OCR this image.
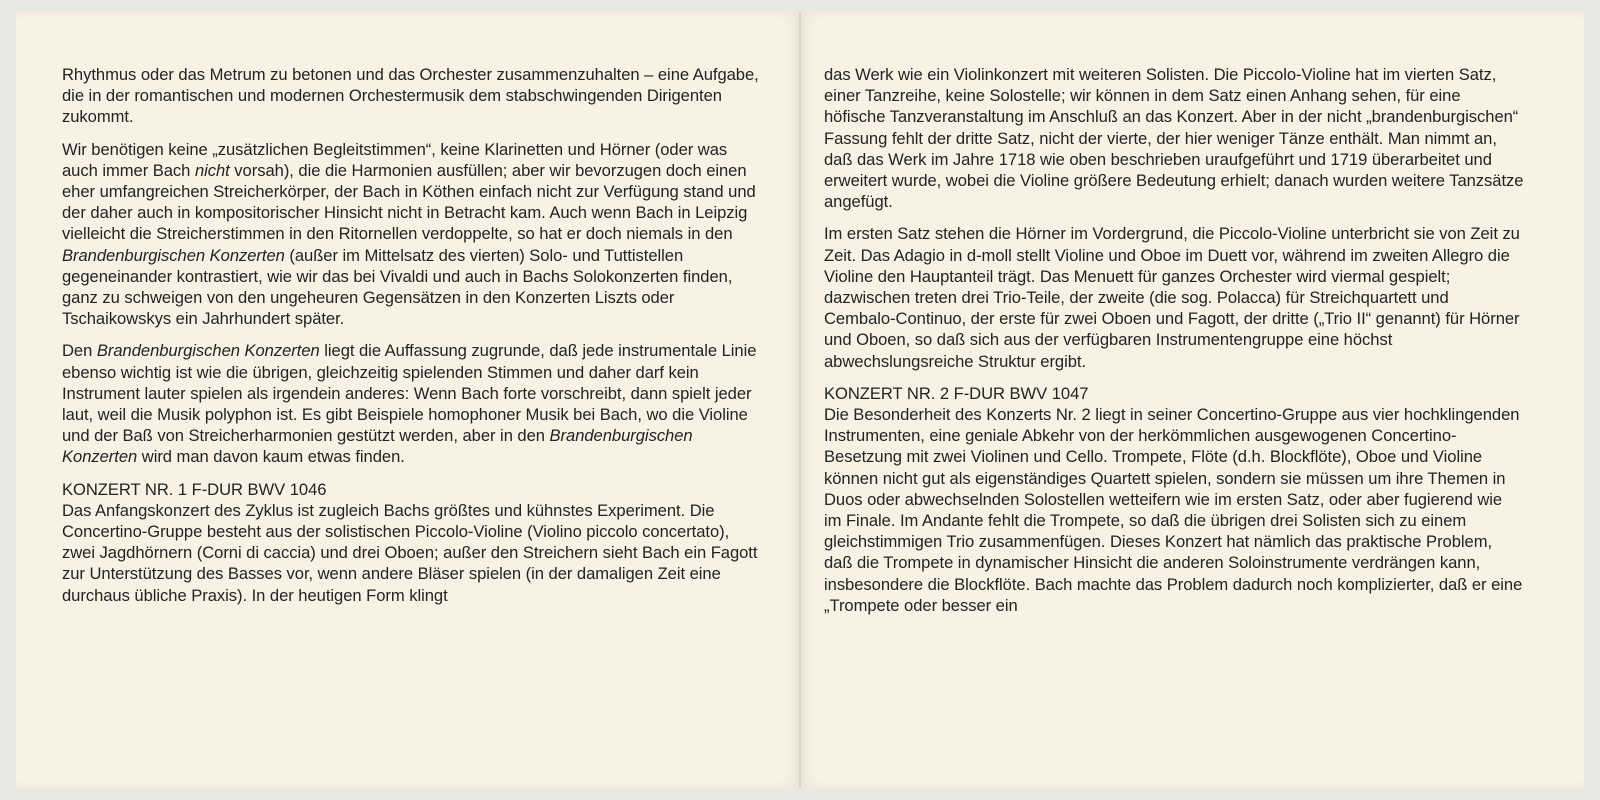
Rhythmus oder das Metrum zu betonen und das Orchester zusammenzuhalten – eine Aufgabe, die in der romantischen und modernen Orchestermusik dem stabschwingenden Dirigenten zukommt.

Wir benötigen keine „zusätzlichen Begleitstimmen“, keine Klarinetten und Hörner (oder was auch immer Bach nicht vorsah), die die Harmonien ausfüllen; aber wir bevorzugen doch einen eher umfangreichen Streicherkörper, der Bach in Köthen einfach nicht zur Verfügung stand und der daher auch in kompositorischer Hinsicht nicht in Betracht kam. Auch wenn Bach in Leipzig vielleicht die Streicherstimmen in den Ritornellen verdoppelte, so hat er doch niemals in den Brandenburgischen Konzerten (außer im Mittelsatz des vierten) Solo- und Tuttistellen gegeneinander kontrastiert, wie wir das bei Vivaldi und auch in Bachs Solokonzerten finden, ganz zu schweigen von den ungeheuren Gegensätzen in den Konzerten Liszts oder Tschaikowskys ein Jahrhundert später.

Den Brandenburgischen Konzerten liegt die Auffassung zugrunde, daß jede instrumentale Linie ebenso wichtig ist wie die übrigen, gleichzeitig spielenden Stimmen und daher darf kein Instrument lauter spielen als irgendein anderes: Wenn Bach forte vorschreibt, dann spielt jeder laut, weil die Musik polyphon ist. Es gibt Beispiele homophoner Musik bei Bach, wo die Violine und der Baß von Streicherharmonien gestützt werden, aber in den Brandenburgischen Konzerten wird man davon kaum etwas finden.

KONZERT NR. 1 F-DUR BWV 1046

Das Anfangskonzert des Zyklus ist zugleich Bachs größtes und kühnstes Experiment. Die Concertino-Gruppe besteht aus der solistischen Piccolo-Violine (Violino piccolo concertato), zwei Jagdhörnern (Corni di caccia) und drei Oboen; außer den Streichern sieht Bach ein Fagott zur Unterstützung des Basses vor, wenn andere Bläser spielen (in der damaligen Zeit eine durchaus übliche Praxis). In der heutigen Form klingt

das Werk wie ein Violinkonzert mit weiteren Solisten. Die Piccolo-Violine hat im vierten Satz, einer Tanzreihe, keine Solostelle; wir können in dem Satz einen Anhang sehen, für eine höfische Tanzveranstaltung im Anschluß an das Konzert. Aber in der nicht „brandenburgischen“ Fassung fehlt der dritte Satz, nicht der vierte, der hier weniger Tänze enthält. Man nimmt an, daß das Werk im Jahre 1718 wie oben beschrieben uraufgeführt und 1719 überarbeitet und erweitert wurde, wobei die Violine größere Bedeutung erhielt; danach wurden weitere Tanzsätze angefügt.

Im ersten Satz stehen die Hörner im Vordergrund, die Piccolo-Violine unterbricht sie von Zeit zu Zeit. Das Adagio in d-moll stellt Violine und Oboe im Duett vor, während im zweiten Allegro die Violine den Hauptanteil trägt. Das Menuett für ganzes Orchester wird viermal gespielt; dazwischen treten drei Trio-Teile, der zweite (die sog. Polacca) für Streichquartett und Cembalo-Continuo, der erste für zwei Oboen und Fagott, der dritte („Trio II“ genannt) für Hörner und Oboen, so daß sich aus der verfügbaren Instrumentengruppe eine höchst abwechslungsreiche Struktur ergibt.

KONZERT NR. 2 F-DUR BWV 1047

Die Besonderheit des Konzerts Nr. 2 liegt in seiner Concertino-Gruppe aus vier hochklingenden Instrumenten, eine geniale Abkehr von der herkömmlichen ausgewogenen Concertino-Besetzung mit zwei Violinen und Cello. Trompete, Flöte (d.h. Blockflöte), Oboe und Violine können nicht gut als eigenständiges Quartett spielen, sondern sie müssen um ihre Themen in Duos oder abwechselnden Solostellen wetteifern wie im ersten Satz, oder aber fugierend wie im Finale. Im Andante fehlt die Trompete, so daß die übrigen drei Solisten sich zu einem gleichstimmigen Trio zusammenfügen. Dieses Konzert hat nämlich das praktische Problem, daß die Trompete in dynamischer Hinsicht die anderen Soloinstrumente verdrängen kann, insbesondere die Blockflöte. Bach machte das Problem dadurch noch komplizierter, daß er eine „Trompete oder besser ein
